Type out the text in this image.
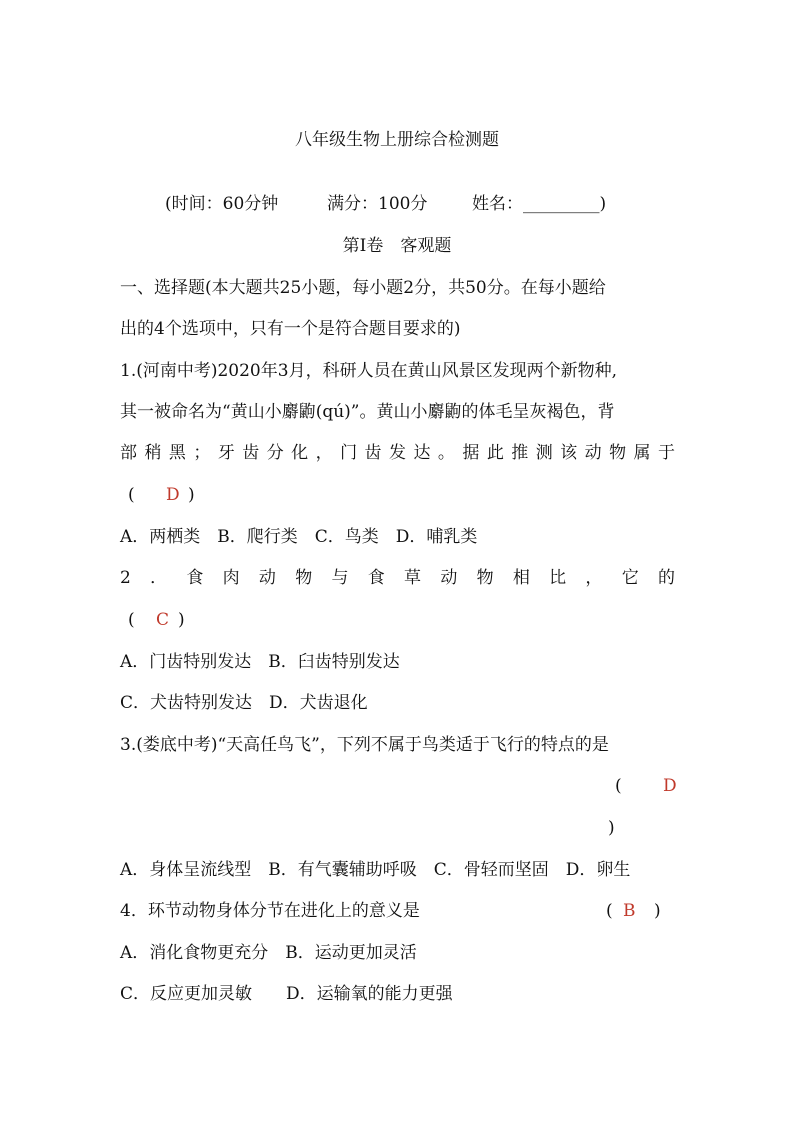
八年级生物上册综合检测题
(时间：60分钟	满分：100分	姓名：_________)
第Ⅰ卷　客观题
一、选择题(本大题共25小题，每小题2分，共50分。在每小题给
出的4个选项中，只有一个是符合题目要求的)
1.(河南中考)2020年3月，科研人员在黄山风景区发现两个新物种,
其一被命名为“黄山小麝鼩(qú)”。黄山小麝鼩的体毛呈灰褐色，背
部稍黑；牙齿分化，门齿发达。据此推测该动物属于
( D )
A．两栖类　B．爬行类　C．鸟类　D．哺乳类
2．食肉动物与食草动物相比，它的
( C )
A．门齿特别发达　B．臼齿特别发达
C．犬齿特别发达　D．犬齿退化
3.(娄底中考)“天高任鸟飞”，下列不属于鸟类适于飞行的特点的是
( D
)
A．身体呈流线型　B．有气囊辅助呼吸　C．骨轻而坚固　D．卵生
4．环节动物身体分节在进化上的意义是	( B )
A．消化食物更充分　B．运动更加灵活
C．反应更加灵敏　　D．运输氧的能力更强
